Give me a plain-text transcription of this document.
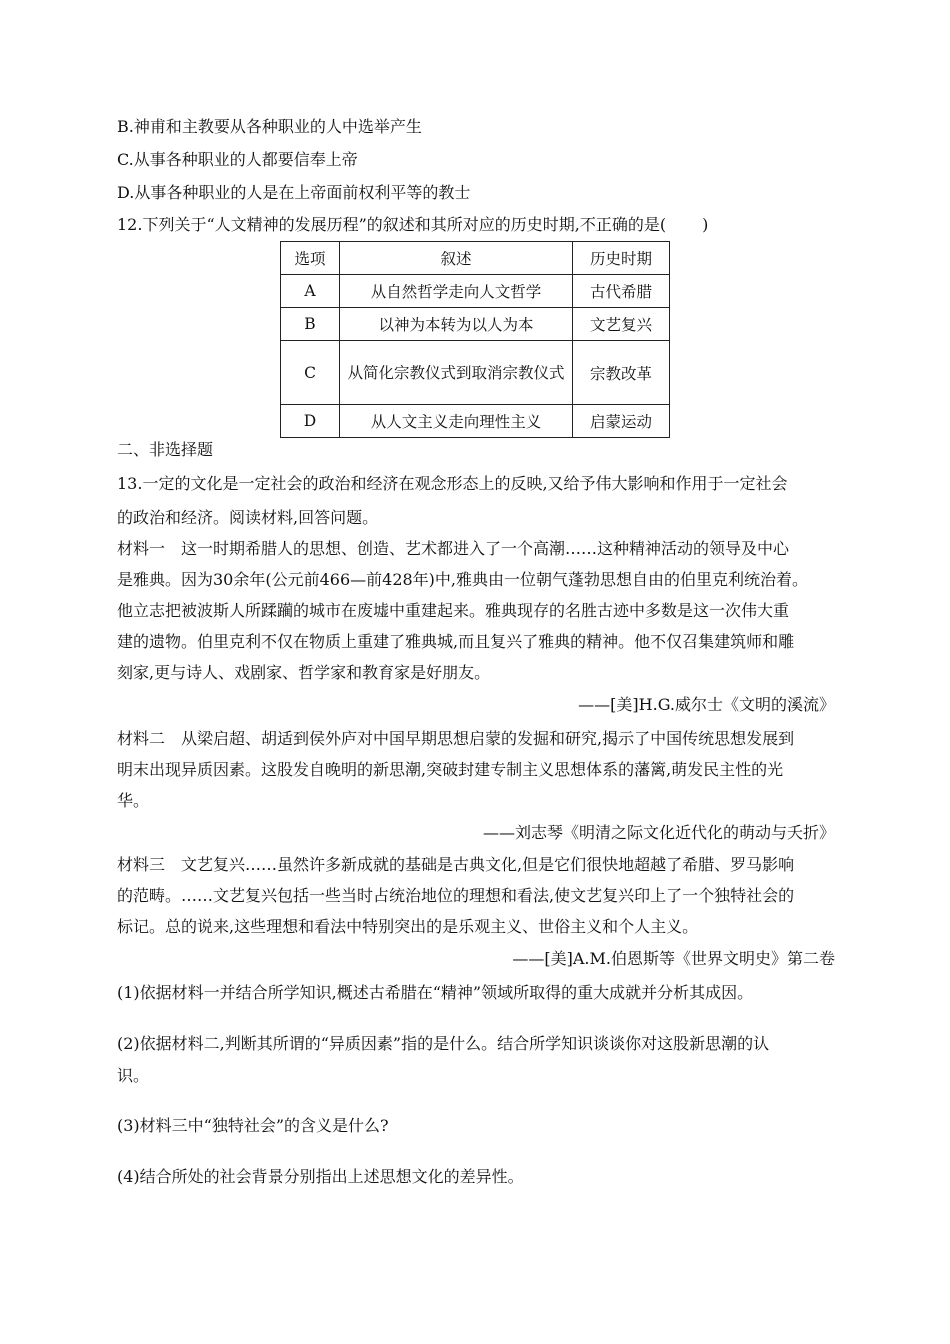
B.神甫和主教要从各种职业的人中选举产生
C.从事各种职业的人都要信奉上帝
D.从事各种职业的人是在上帝面前权利平等的教士
12.下列关于“人文精神的发展历程”的叙述和其所对应的历史时期,不正确的是( )
选项	叙述	历史时期
A	从自然哲学走向人文哲学	古代希腊
B	以神为本转为以人为本	文艺复兴
C	从简化宗教仪式到取消宗教仪式	宗教改革
D	从人文主义走向理性主义	启蒙运动
二、非选择题
13.一定的文化是一定社会的政治和经济在观念形态上的反映,又给予伟大影响和作用于一定社会
的政治和经济。阅读材料,回答问题。
材料一 这一时期希腊人的思想、创造、艺术都进入了一个高潮……这种精神活动的领导及中心
是雅典。因为30余年(公元前466—前428年)中,雅典由一位朝气蓬勃思想自由的伯里克利统治着。
他立志把被波斯人所蹂躏的城市在废墟中重建起来。雅典现存的名胜古迹中多数是这一次伟大重
建的遗物。伯里克利不仅在物质上重建了雅典城,而且复兴了雅典的精神。他不仅召集建筑师和雕
刻家,更与诗人、戏剧家、哲学家和教育家是好朋友。
——[美]H.G.威尔士《文明的溪流》
材料二 从梁启超、胡适到侯外庐对中国早期思想启蒙的发掘和研究,揭示了中国传统思想发展到
明末出现异质因素。这股发自晚明的新思潮,突破封建专制主义思想体系的藩篱,萌发民主性的光
华。
——刘志琴《明清之际文化近代化的萌动与夭折》
材料三 文艺复兴……虽然许多新成就的基础是古典文化,但是它们很快地超越了希腊、罗马影响
的范畴。……文艺复兴包括一些当时占统治地位的理想和看法,使文艺复兴印上了一个独特社会的
标记。总的说来,这些理想和看法中特别突出的是乐观主义、世俗主义和个人主义。
——[美]A.M.伯恩斯等《世界文明史》第二卷
(1)依据材料一并结合所学知识,概述古希腊在“精神”领域所取得的重大成就并分析其成因。
(2)依据材料二,判断其所谓的“异质因素”指的是什么。结合所学知识谈谈你对这股新思潮的认
识。
(3)材料三中“独特社会”的含义是什么?
(4)结合所处的社会背景分别指出上述思想文化的差异性。
